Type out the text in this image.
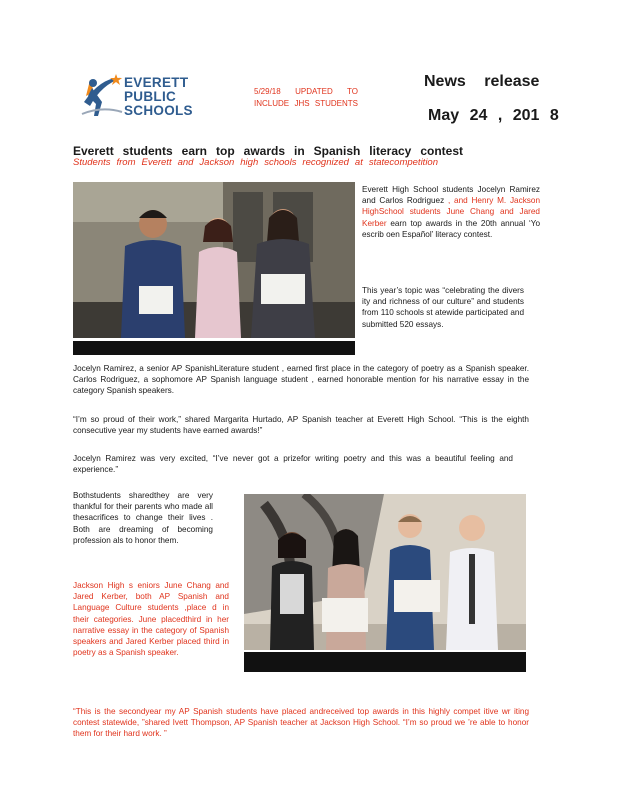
EVERETT
PUBLIC
SCHOOLS
5/29/18 UPDATED TO INCLUDE JHS STUDENTS
News release
May 24 , 201 8
Everett students earn top awards in Spanish literacy contest
Students from Everett and Jackson high schools recognized at statecompetition
Everett High School students Jocelyn Ramirez and Carlos Rodriguez , and Henry M. Jackson HighSchool students June Chang and Jared Kerber earn top awards in the 20th annual ‘Yo escrib oen Español’ literacy contest.
This year’s topic was “celebrating the divers ity and richness of our culture” and students from 110 schools st atewide participated and submitted 520 essays.
Jocelyn Ramirez, a senior AP SpanishLiterature student , earned first place in the category of poetry as a Spanish speaker. Carlos Rodriguez, a sophomore AP Spanish language student , earned honorable mention for his narrative essay in the category Spanish speakers.
“I’m so proud of their work,” shared Margarita Hurtado, AP Spanish teacher at Everett High School. “This is the eighth consecutive year my students have earned awards!”
Jocelyn Ramirez was very excited, “I’ve never got a prizefor writing poetry and this was a beautiful feeling and experience.”
Bothstudents sharedthey are very thankful for their parents who made all thesacrifices to change their lives . Both are dreaming of becoming profession als to honor them.
Jackson High s eniors June Chang and Jared Kerber, both AP Spanish and Language Culture students ,place d in their categories. June placedthird in her narrative essay in the category of Spanish speakers and Jared Kerber placed third in poetry as a Spanish speaker.
“This is the secondyear my AP Spanish students have placed andreceived top awards in this highly compet itive wr iting contest statewide, ”shared Ivett Thompson, AP Spanish teacher at Jackson High School. “I’m so proud we ’re able to honor them for their hard work. ”
